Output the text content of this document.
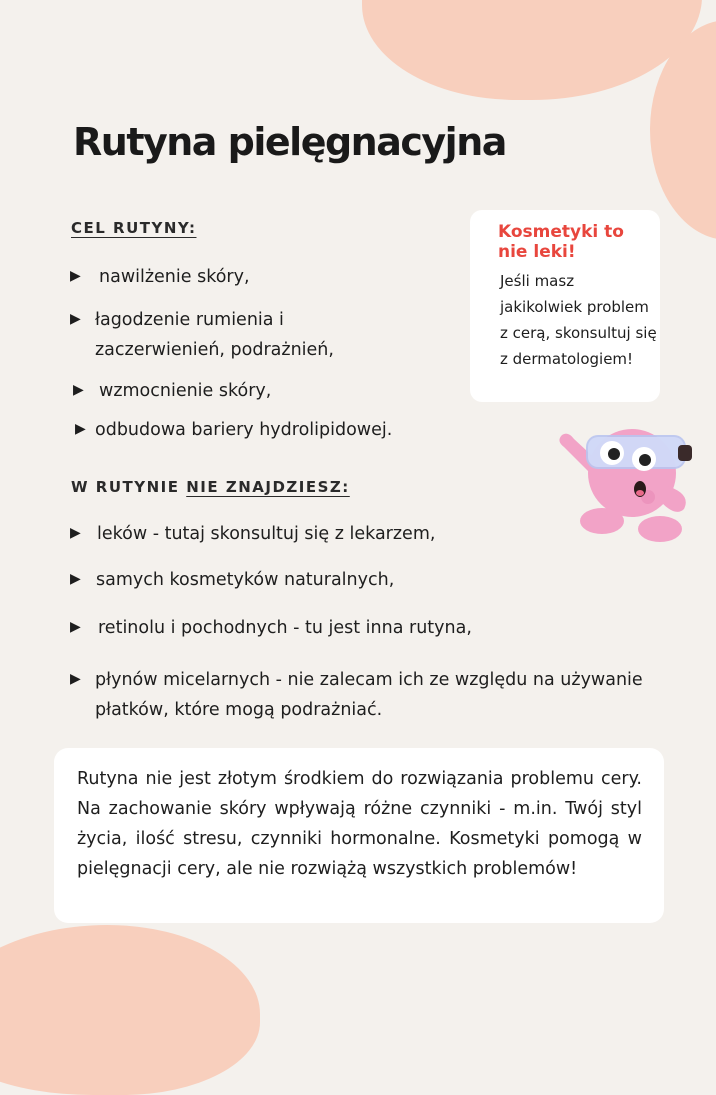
Rutyna pielęgnacyjna
CEL RUTYNY:
▶	nawilżenie skóry,
▶ łagodzenie rumienia i zaczerwienień, podrażnień,
▶ wzmocnienie skóry,
▶ odbudowa bariery hydrolipidowej.
W RUTYNIE NIE ZNAJDZIESZ:
▶ leków - tutaj skonsultuj się z lekarzem,
▶ samych kosmetyków naturalnych,
▶ retinolu i pochodnych - tu jest inna rutyna,
▶ płynów micelarnych - nie zalecam ich ze względu na używanie płatków, które mogą podrażniać.
Kosmetyki to nie leki!
Jeśli masz jakikolwiek problem z cerą, skonsultuj się z dermatologiem!
Rutyna nie jest złotym środkiem do rozwiązania problemu cery. Na zachowanie skóry wpływają różne czynniki - m.in. Twój styl życia, ilość stresu, czynniki hormonalne. Kosmetyki pomogą w pielęgnacji cery, ale nie rozwiążą wszystkich problemów!
